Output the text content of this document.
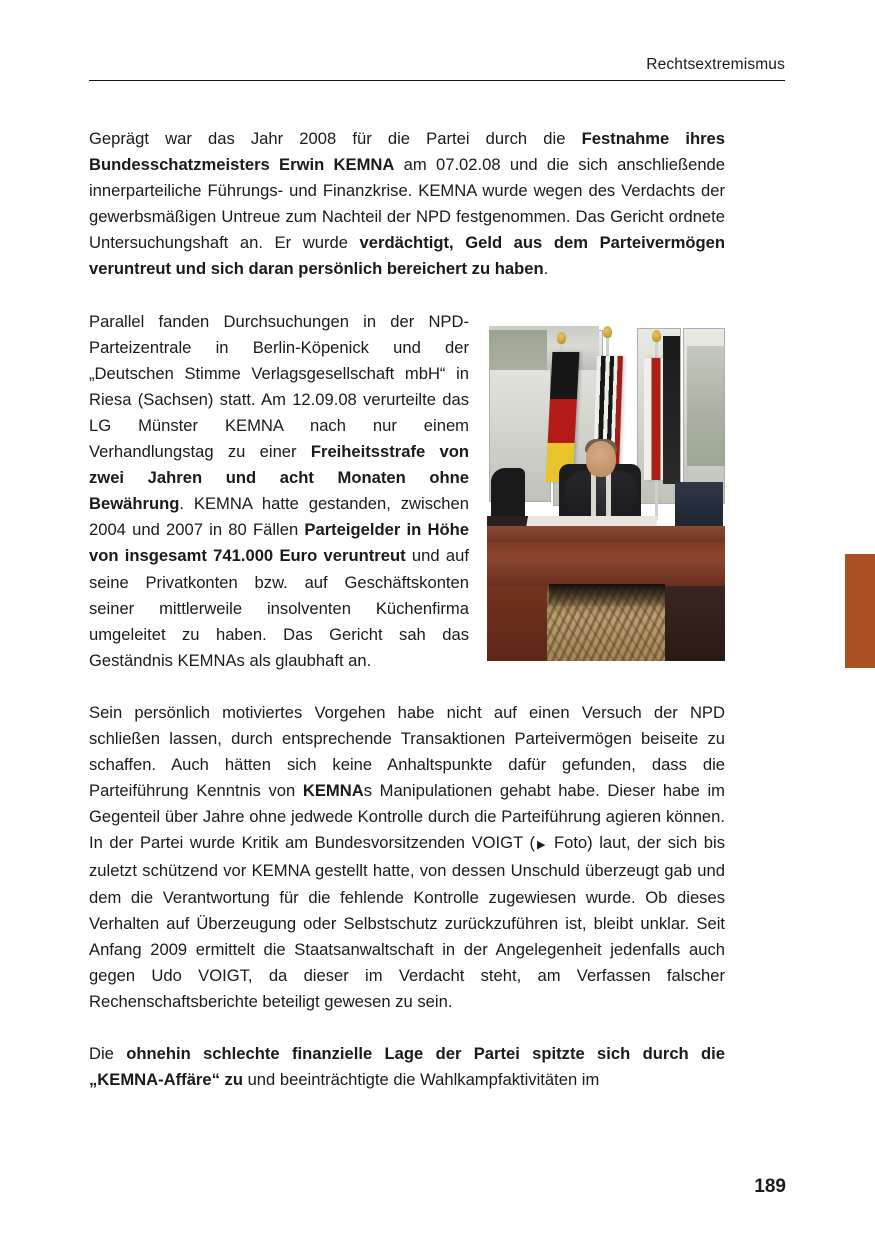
Rechtsextremismus

Geprägt war das Jahr 2008 für die Partei durch die Festnahme ihres Bundesschatzmeisters Erwin KEMNA am 07.02.08 und die sich anschließende innerparteiliche Führungs- und Finanzkrise. KEMNA wurde wegen des Verdachts der gewerbsmäßigen Untreue zum Nachteil der NPD festgenommen. Das Gericht ordnete Untersuchungshaft an. Er wurde verdächtigt, Geld aus dem Parteivermögen veruntreut und sich daran persönlich bereichert zu haben.

Parallel fanden Durchsuchungen in der NPD-Parteizentrale in Berlin-Köpenick und der „Deutschen Stimme Verlagsgesellschaft mbH“ in Riesa (Sachsen) statt. Am 12.09.08 verurteilte das LG Münster KEMNA nach nur einem Verhandlungstag zu einer Freiheitsstrafe von zwei Jahren und acht Monaten ohne Bewährung. KEMNA hatte gestanden, zwischen 2004 und 2007 in 80 Fällen Parteigelder in Höhe von insgesamt 741.000 Euro veruntreut und auf seine Privatkonten bzw. auf Geschäftskonten seiner mittlerweile insolventen Küchenfirma umgeleitet zu haben. Das Gericht sah das Geständnis KEMNAs als glaubhaft an.

Sein persönlich motiviertes Vorgehen habe nicht auf einen Versuch der NPD schließen lassen, durch entsprechende Transaktionen Parteivermögen beiseite zu schaffen. Auch hätten sich keine Anhaltspunkte dafür gefunden, dass die Parteiführung Kenntnis von KEMNAs Manipulationen gehabt habe. Dieser habe im Gegenteil über Jahre ohne jedwede Kontrolle durch die Parteiführung agieren können. In der Partei wurde Kritik am Bundesvorsitzenden VOIGT (▶ Foto) laut, der sich bis zuletzt schützend vor KEMNA gestellt hatte, von dessen Unschuld überzeugt gab und dem die Verantwortung für die fehlende Kontrolle zugewiesen wurde. Ob dieses Verhalten auf Überzeugung oder Selbstschutz zurückzuführen ist, bleibt unklar. Seit Anfang 2009 ermittelt die Staatsanwaltschaft in der Angelegenheit jedenfalls auch gegen Udo VOIGT, da dieser im Verdacht steht, am Verfassen falscher Rechenschaftsberichte beteiligt gewesen zu sein.

Die ohnehin schlechte finanzielle Lage der Partei spitzte sich durch die „KEMNA-Affäre“ zu und beeinträchtigte die Wahlkampfaktivitäten im

189
